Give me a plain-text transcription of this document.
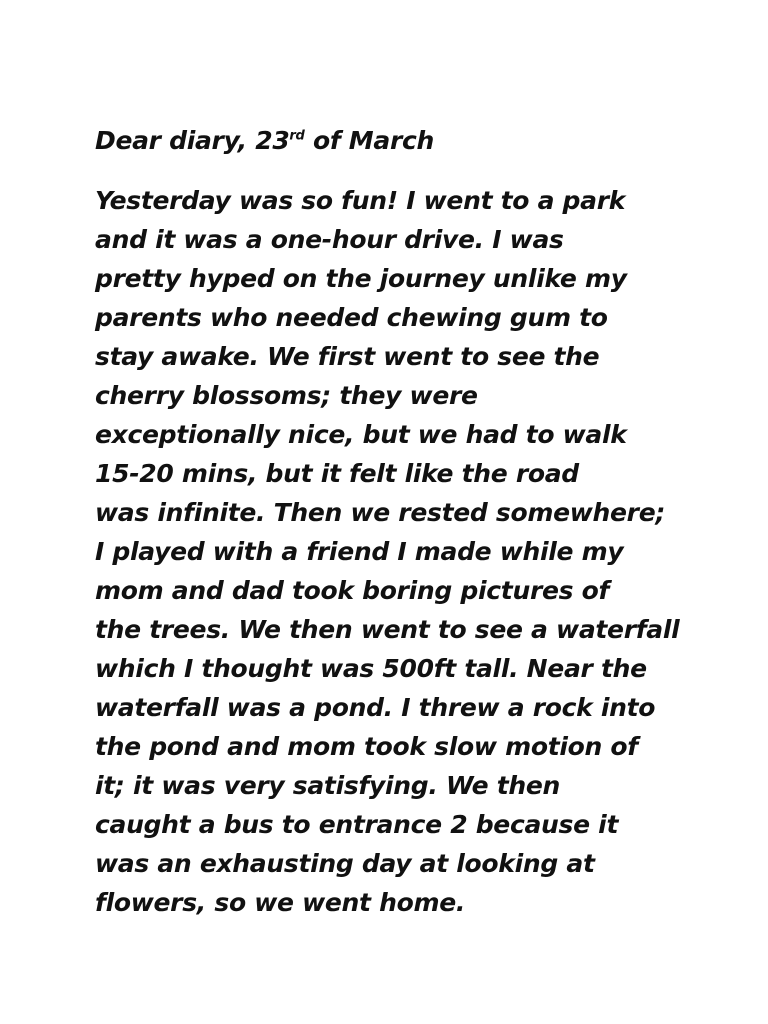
Dear diary, 23rd of March
Yesterday was so fun! I went to a park
and it was a one-hour drive. I was
pretty hyped on the journey unlike my
parents who needed chewing gum to
stay awake. We first went to see the
cherry blossoms; they were
exceptionally nice, but we had to walk
15-20 mins, but it felt like the road
was infinite. Then we rested somewhere;
I played with a friend I made while my
mom and dad took boring pictures of
the trees. We then went to see a waterfall
which I thought was 500ft tall. Near the
waterfall was a pond. I threw a rock into
the pond and mom took slow motion of
it; it was very satisfying. We then
caught a bus to entrance 2 because it
was an exhausting day at looking at
flowers, so we went home.
